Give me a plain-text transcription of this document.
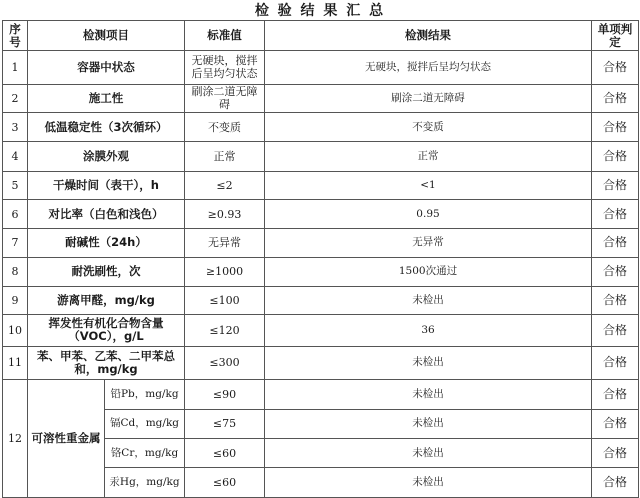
检 验 结 果 汇 总
序号	检测项目		标准值	检测结果	单项判定
1	容器中状态		无硬块，搅拌后呈均匀状态	无硬块，搅拌后呈均匀状态	合格
2	施工性		刷涂二道无障碍	刷涂二道无障碍	合格
3	低温稳定性（3次循环）		不变质	不变质	合格
4	涂膜外观		正常	正常	合格
5	干燥时间（表干），h		≤2	<1	合格
6	对比率（白色和浅色）		≥0.93	0.95	合格
7	耐碱性（24h）		无异常	无异常	合格
8	耐洗刷性，次		≥1000	1500次通过	合格
9	游离甲醛，mg/kg		≤100	未检出	合格
10	挥发性有机化合物含量（VOC），g/L		≤120	36	合格
11	苯、甲苯、乙苯、二甲苯总和，mg/kg		≤300	未检出	合格
12	可溶性重金属	铅Pb，mg/kg	≤90	未检出	合格
		镉Cd，mg/kg	≤75	未检出	合格
		铬Cr，mg/kg	≤60	未检出	合格
		汞Hg，mg/kg	≤60	未检出	合格
